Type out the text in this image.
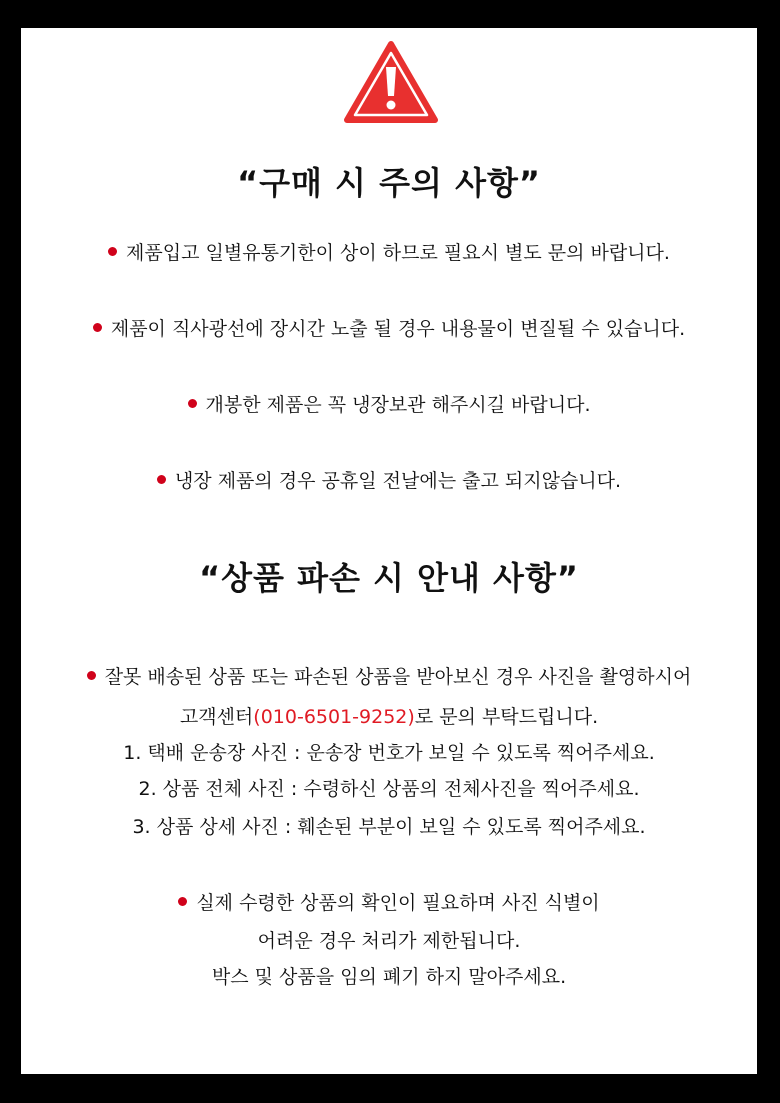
“구매 시 주의 사항”

제품입고 일별유통기한이 상이 하므로 필요시 별도 문의 바랍니다.

제품이 직사광선에 장시간 노출 될 경우 내용물이 변질될 수 있습니다.

개봉한 제품은 꼭 냉장보관 해주시길 바랍니다.

냉장 제품의 경우 공휴일 전날에는 출고 되지않습니다.

“상품 파손 시 안내 사항”

잘못 배송된 상품 또는 파손된 상품을 받아보신 경우 사진을 촬영하시어

고객센터(010-6501-9252)로 문의 부탁드립니다.

1. 택배 운송장 사진 : 운송장 번호가 보일 수 있도록 찍어주세요.

2. 상품 전체 사진 : 수령하신 상품의 전체사진을 찍어주세요.

3. 상품 상세 사진 : 훼손된 부분이 보일 수 있도록 찍어주세요.

실제 수령한 상품의 확인이 필요하며 사진 식별이

어려운 경우 처리가 제한됩니다.

박스 및 상품을 임의 폐기 하지 말아주세요.
